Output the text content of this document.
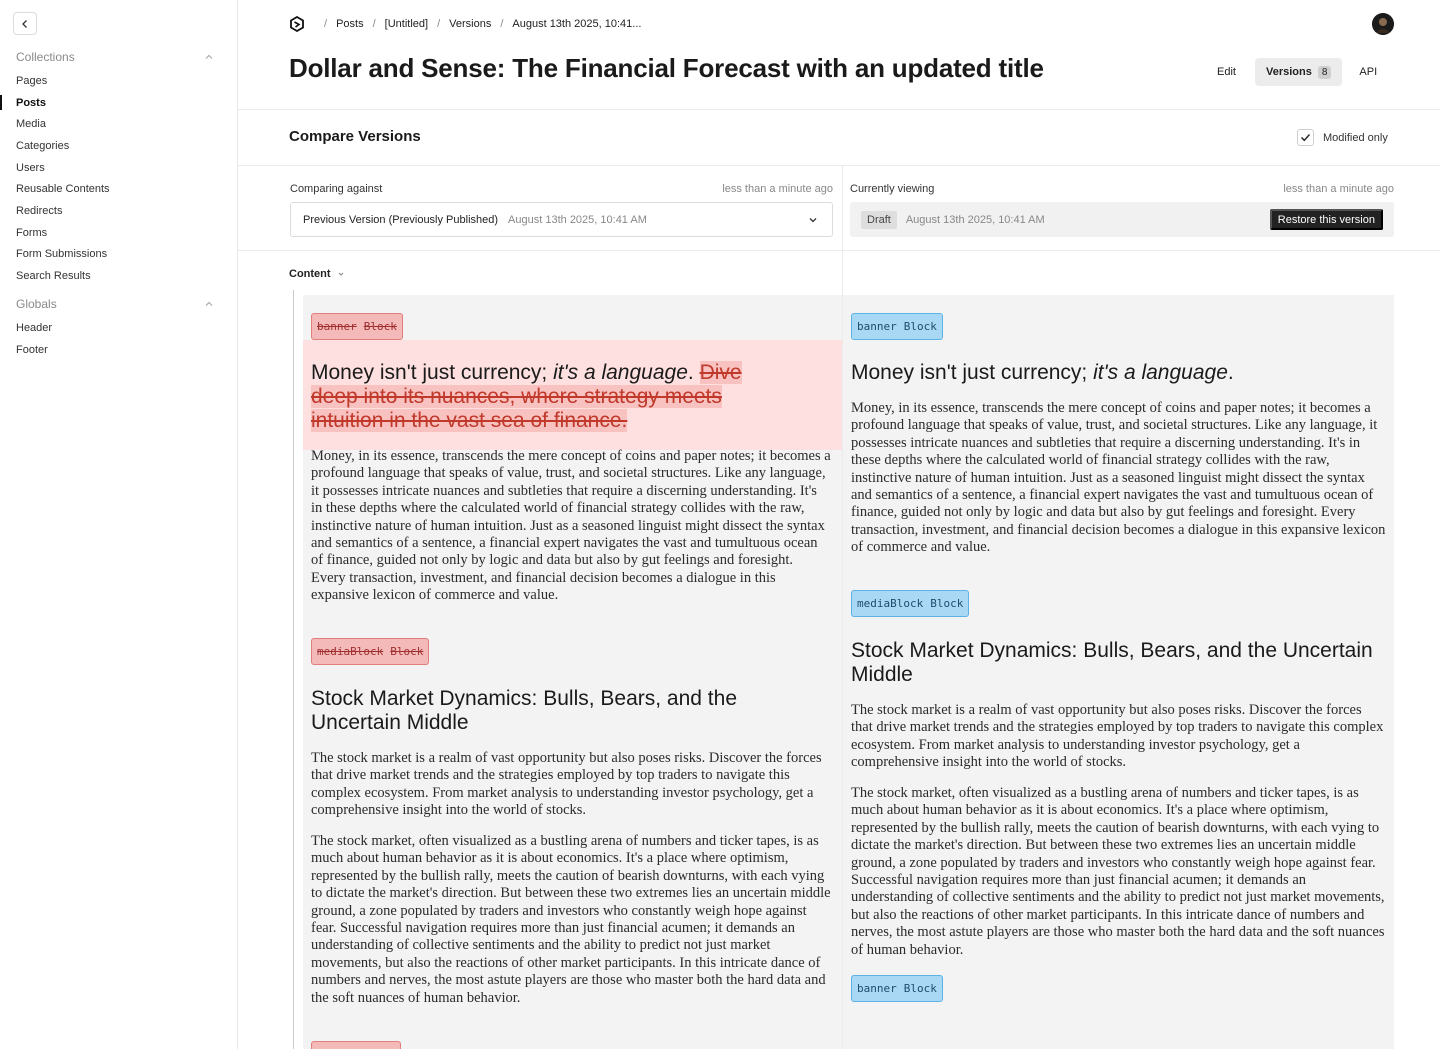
Collections
Pages
Posts
Media
Categories
Users
Reusable Contents
Redirects
Forms
Form Submissions
Search Results
Globals
Header
Footer
/ Posts / [Untitled] / Versions / August 13th 2025, 10:41...
Dollar and Sense: The Financial Forecast with an updated title	Edit	Versions	8	API
Compare Versions	Modified only
Comparing against	less than a minute ago
Previous Version (Previously Published) August 13th 2025, 10:41 AM
Currently viewing	less than a minute ago
Draft	August 13th 2025, 10:41 AM	Restore this version
Content
banner Block
Money isn't just currency; it's a language. Dive
deep into its nuances, where strategy meets
intuition in the vast sea of finance.

Money, in its essence, transcends the mere concept of coins and paper notes; it becomes a profound language that speaks of value, trust, and societal structures. Like any language, it possesses intricate nuances and subtleties that require a discerning understanding. It's in these depths where the calculated world of financial strategy collides with the raw, instinctive nature of human intuition. Just as a seasoned linguist might dissect the syntax and semantics of a sentence, a financial expert navigates the vast and tumultuous ocean of finance, guided not only by logic and data but also by gut feelings and foresight. Every transaction, investment, and financial decision becomes a dialogue in this expansive lexicon of commerce and value.

mediaBlock Block
Stock Market Dynamics: Bulls, Bears, and the Uncertain Middle

The stock market is a realm of vast opportunity but also poses risks. Discover the forces that drive market trends and the strategies employed by top traders to navigate this complex ecosystem. From market analysis to understanding investor psychology, get a comprehensive insight into the world of stocks.

The stock market, often visualized as a bustling arena of numbers and ticker tapes, is as much about human behavior as it is about economics. It's a place where optimism, represented by the bullish rally, meets the caution of bearish downturns, with each vying to dictate the market's direction. But between these two extremes lies an uncertain middle ground, a zone populated by traders and investors who constantly weigh hope against fear. Successful navigation requires more than just financial acumen; it demands an understanding of collective sentiments and the ability to predict not just market movements, but also the reactions of other market participants. In this intricate dance of numbers and nerves, the most astute players are those who master both the hard data and the soft nuances of human behavior.

banner Block
Money isn't just currency; it's a language.

Money, in its essence, transcends the mere concept of coins and paper notes; it becomes a profound language that speaks of value, trust, and societal structures. Like any language, it possesses intricate nuances and subtleties that require a discerning understanding. It's in these depths where the calculated world of financial strategy collides with the raw, instinctive nature of human intuition. Just as a seasoned linguist might dissect the syntax and semantics of a sentence, a financial expert navigates the vast and tumultuous ocean of finance, guided not only by logic and data but also by gut feelings and foresight. Every transaction, investment, and financial decision becomes a dialogue in this expansive lexicon of commerce and value.

mediaBlock Block
Stock Market Dynamics: Bulls, Bears, and the Uncertain Middle

The stock market is a realm of vast opportunity but also poses risks. Discover the forces that drive market trends and the strategies employed by top traders to navigate this complex ecosystem. From market analysis to understanding investor psychology, get a comprehensive insight into the world of stocks.

The stock market, often visualized as a bustling arena of numbers and ticker tapes, is as much about human behavior as it is about economics. It's a place where optimism, represented by the bullish rally, meets the caution of bearish downturns, with each vying to dictate the market's direction. But between these two extremes lies an uncertain middle ground, a zone populated by traders and investors who constantly weigh hope against fear. Successful navigation requires more than just financial acumen; it demands an understanding of collective sentiments and the ability to predict not just market movements, but also the reactions of other market participants. In this intricate dance of numbers and nerves, the most astute players are those who master both the hard data and the soft nuances of human behavior.

banner Block
